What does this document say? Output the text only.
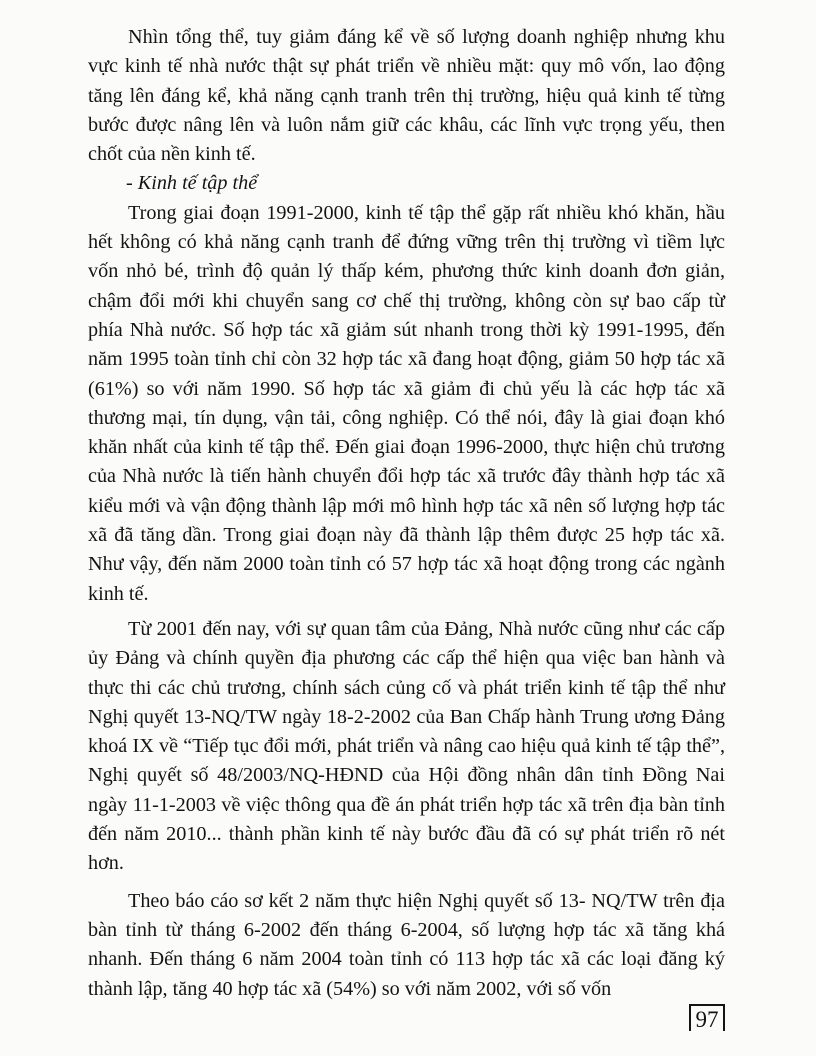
Nhìn tổng thể, tuy giảm đáng kể về số lượng doanh nghiệp nhưng khu vực kinh tế nhà nước thật sự phát triển về nhiều mặt: quy mô vốn, lao động tăng lên đáng kể, khả năng cạnh tranh trên thị trường, hiệu quả kinh tế từng bước được nâng lên và luôn nắm giữ các khâu, các lĩnh vực trọng yếu, then chốt của nền kinh tế.

- Kinh tế tập thể

Trong giai đoạn 1991-2000, kinh tế tập thể gặp rất nhiều khó khăn, hầu hết không có khả năng cạnh tranh để đứng vững trên thị trường vì tiềm lực vốn nhỏ bé, trình độ quản lý thấp kém, phương thức kinh doanh đơn giản, chậm đổi mới khi chuyển sang cơ chế thị trường, không còn sự bao cấp từ phía Nhà nước. Số hợp tác xã giảm sút nhanh trong thời kỳ 1991-1995, đến năm 1995 toàn tỉnh chỉ còn 32 hợp tác xã đang hoạt động, giảm 50 hợp tác xã (61%) so với năm 1990. Số hợp tác xã giảm đi chủ yếu là các hợp tác xã thương mại, tín dụng, vận tải, công nghiệp. Có thể nói, đây là giai đoạn khó khăn nhất của kinh tế tập thể. Đến giai đoạn 1996-2000, thực hiện chủ trương của Nhà nước là tiến hành chuyển đổi hợp tác xã trước đây thành hợp tác xã kiểu mới và vận động thành lập mới mô hình hợp tác xã nên số lượng hợp tác xã đã tăng dần. Trong giai đoạn này đã thành lập thêm được 25 hợp tác xã. Như vậy, đến năm 2000 toàn tỉnh có 57 hợp tác xã hoạt động trong các ngành kinh tế.

Từ 2001 đến nay, với sự quan tâm của Đảng, Nhà nước cũng như các cấp ủy Đảng và chính quyền địa phương các cấp thể hiện qua việc ban hành và thực thi các chủ trương, chính sách củng cố và phát triển kinh tế tập thể như Nghị quyết 13-NQ/TW ngày 18-2-2002 của Ban Chấp hành Trung ương Đảng khoá IX về “Tiếp tục đổi mới, phát triển và nâng cao hiệu quả kinh tế tập thể”, Nghị quyết số 48/2003/NQ-HĐND của Hội đồng nhân dân tỉnh Đồng Nai ngày 11-1-2003 về việc thông qua đề án phát triển hợp tác xã trên địa bàn tỉnh đến năm 2010... thành phần kinh tế này bước đầu đã có sự phát triển rõ nét hơn.

Theo báo cáo sơ kết 2 năm thực hiện Nghị quyết số 13- NQ/TW trên địa bàn tỉnh từ tháng 6-2002 đến tháng 6-2004, số lượng hợp tác xã tăng khá nhanh. Đến tháng 6 năm 2004 toàn tỉnh có 113 hợp tác xã các loại đăng ký thành lập, tăng 40 hợp tác xã (54%) so với năm 2002, với số vốn

97
